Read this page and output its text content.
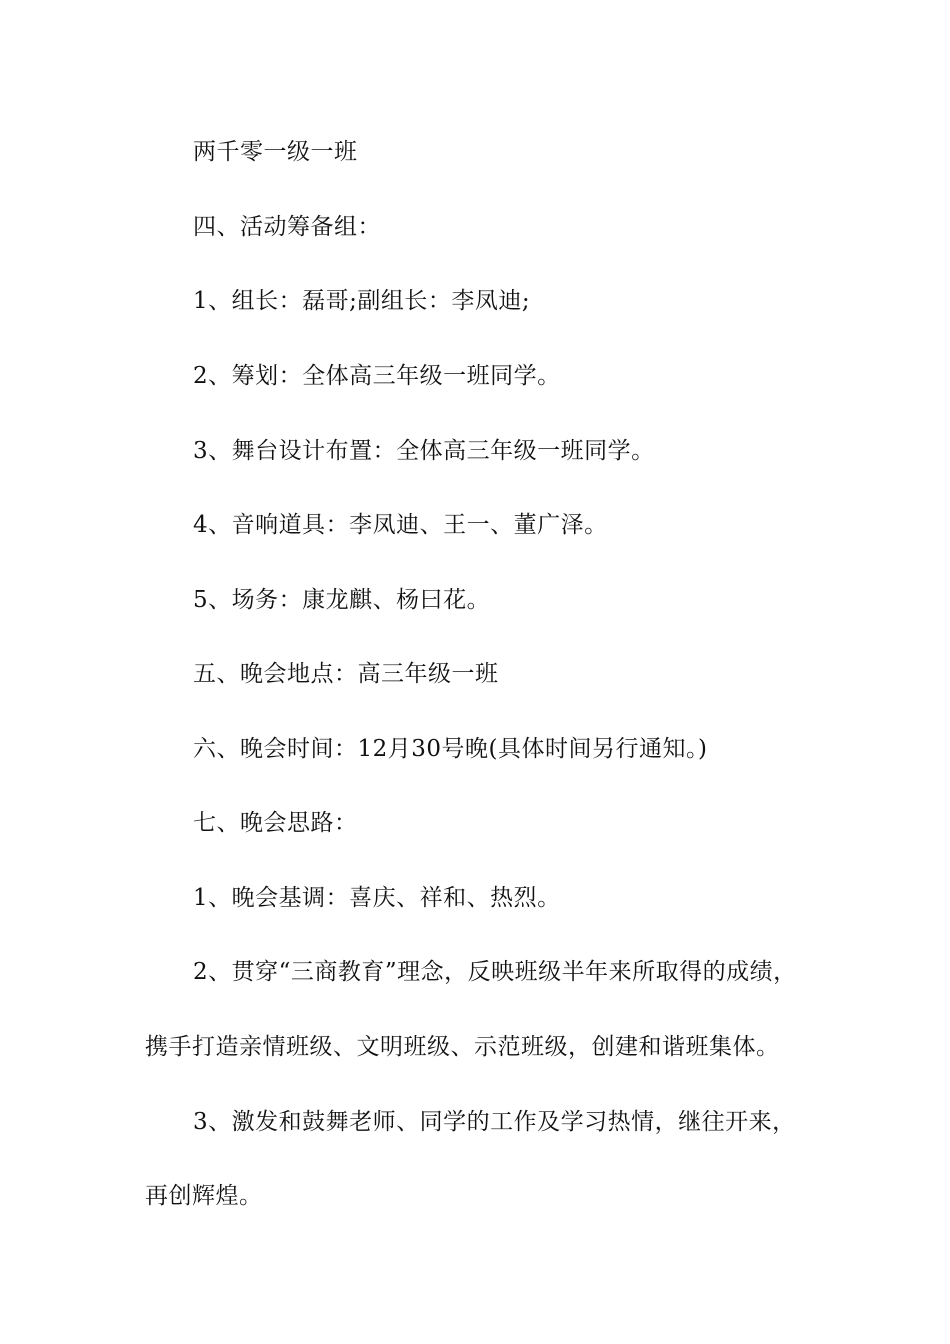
两千零一级一班
四、活动筹备组：
1、组长：磊哥;副组长：李凤迪;
2、筹划：全体高三年级一班同学。
3、舞台设计布置：全体高三年级一班同学。
4、音响道具：李凤迪、王一、董广泽。
5、场务：康龙麒、杨曰花。
五、晚会地点：高三年级一班
六、晚会时间：12月30号晚(具体时间另行通知。)
七、晚会思路：
1、晚会基调：喜庆、祥和、热烈。
2、贯穿“三商教育”理念，反映班级半年来所取得的成绩，
携手打造亲情班级、文明班级、示范班级，创建和谐班集体。
3、激发和鼓舞老师、同学的工作及学习热情，继往开来，
再创辉煌。
